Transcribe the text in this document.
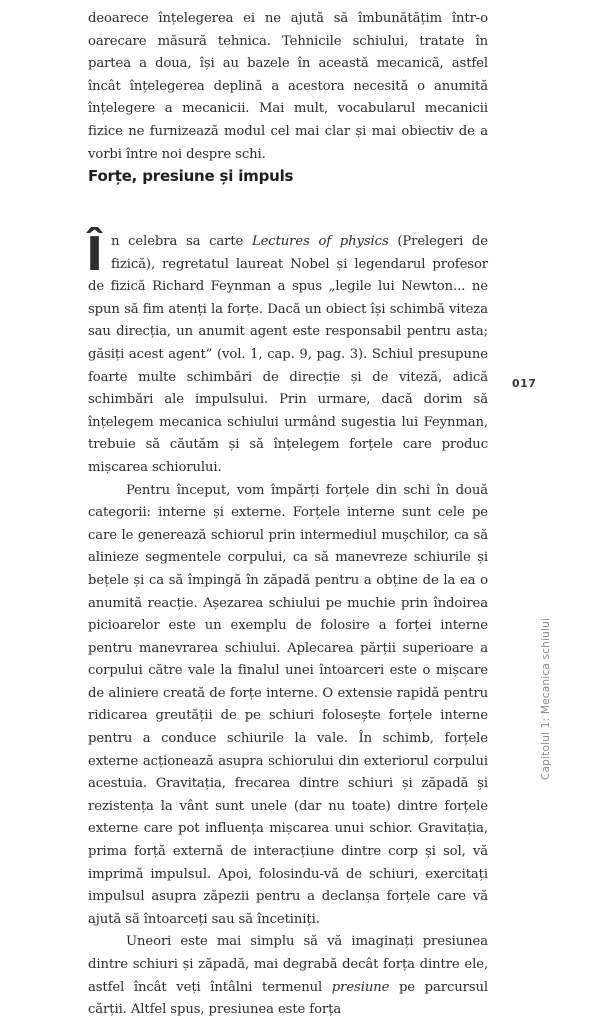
deoarece înțelegerea ei ne ajută să îmbunătățim într-o oarecare măsură tehnica. Tehnicile schiului, tratate în partea a doua, își au bazele în această mecanică, astfel încât înțelegerea deplină a acestora necesită o anumită înțelegere a mecanicii. Mai mult, vocabularul mecanicii fizice ne furnizează modul cel mai clar și mai obiectiv de a vorbi între noi despre schi.

Forțe, presiune și impuls

În celebra sa carte Lectures of physics (Prelegeri de fizică), regretatul laureat Nobel și legendarul profesor de fizică Richard Feynman a spus „legile lui Newton... ne spun să fim atenți la forțe. Dacă un obiect își schimbă viteza sau direcția, un anumit agent este responsabil pentru asta; găsiți acest agent” (vol. 1, cap. 9, pag. 3). Schiul presupune foarte multe schimbări de direcție și de viteză, adică schimbări ale impulsului. Prin urmare, dacă dorim să înțelegem mecanica schiului urmând sugestia lui Feynman, trebuie să căutăm și să înțelegem forțele care produc mișcarea schiorului.

Pentru început, vom împărți forțele din schi în două categorii: interne și externe. Forțele interne sunt cele pe care le generează schiorul prin intermediul mușchilor, ca să alinieze segmentele corpului, ca să manevreze schiurile și bețele și ca să împingă în zăpadă pentru a obține de la ea o anumită reacție. Așezarea schiului pe muchie prin îndoirea picioarelor este un exemplu de folosire a forței interne pentru manevrarea schiului. Aplecarea părții superioare a corpului către vale la finalul unei întoarceri este o mișcare de aliniere creată de forțe interne. O extensie rapidă pentru ridicarea greutății de pe schiuri folosește forțele interne pentru a conduce schiurile la vale. În schimb, forțele externe acționează asupra schiorului din exteriorul corpului acestuia. Gravitația, frecarea dintre schiuri și zăpadă și rezistența la vânt sunt unele (dar nu toate) dintre forțele externe care pot influența mișcarea unui schior. Gravitația, prima forță externă de interacțiune dintre corp și sol, vă imprimă impulsul. Apoi, folosindu-vă de schiuri, exercitați impulsul asupra zăpezii pentru a declanșa forțele care vă ajută să întoarceți sau să încetiniți.

Uneori este mai simplu să vă imaginați presiunea dintre schiuri și zăpadă, mai degrabă decât forța dintre ele, astfel încât veți întâlni termenul presiune pe parcursul cărții. Altfel spus, presiunea este forța

017
Capitolul 1: Mecanica schiului
